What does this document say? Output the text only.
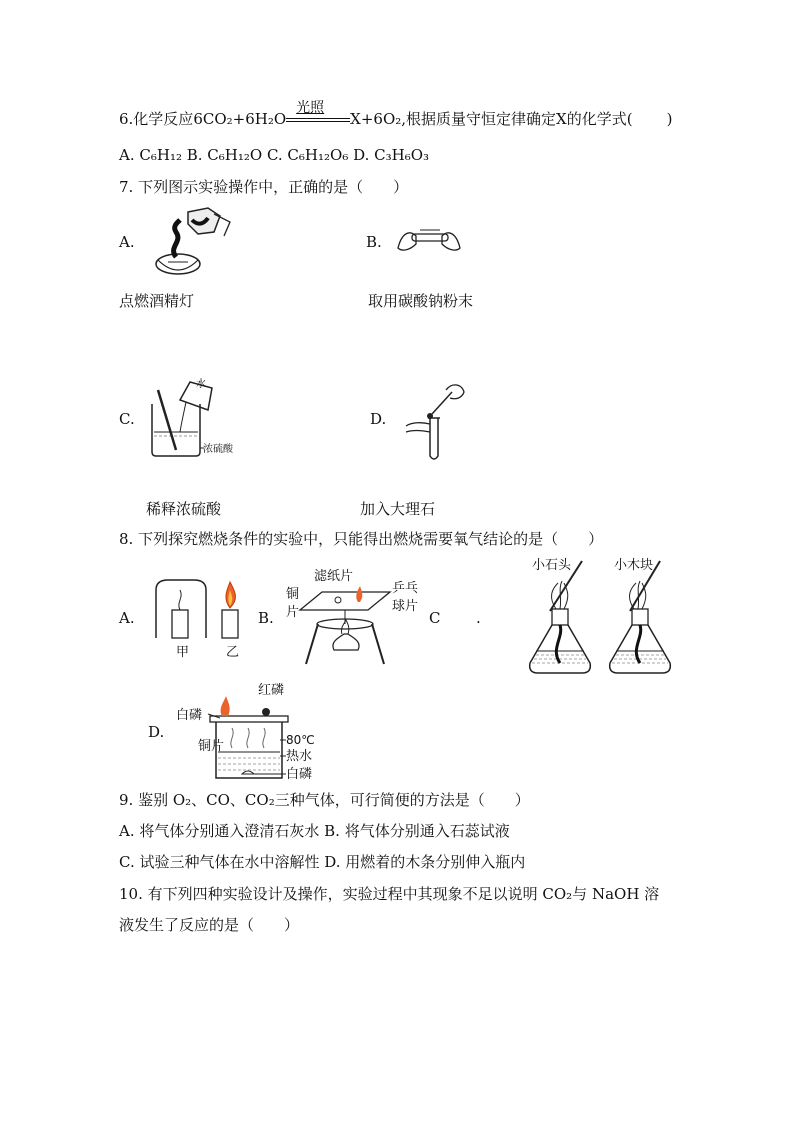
6.化学反应6CO₂+6H₂O
光照
X+6O₂,根据质量守恒定律确定X的化学式( )
A. C₆H₁₂ B. C₆H₁₂O C. C₆H₁₂O₆ D. C₃H₆O₃
7. 下列图示实验操作中，正确的是（　　）
A.
点燃酒精灯
B.
取用碳酸钠粉末
C.
水
浓硫酸
稀释浓硫酸
D.
加入大理石
8. 下列探究燃烧条件的实验中，只能得出燃烧需要氧气结论的是（　　）
A.
甲	乙
B.
滤纸片
乒乓
球片
铜
片	C .
小石头	小木块
D.
红磷
白磷
铜片	80℃
热水
白磷
9. 鉴别 O₂、CO、CO₂三种气体，可行简便的方法是（　　）
A. 将气体分别通入澄清石灰水 B. 将气体分别通入石蕊试液
C. 试验三种气体在水中溶解性 D. 用燃着的木条分别伸入瓶内
10. 有下列四种实验设计及操作，实验过程中其现象不足以说明 CO₂与 NaOH 溶
液发生了反应的是（　　）
